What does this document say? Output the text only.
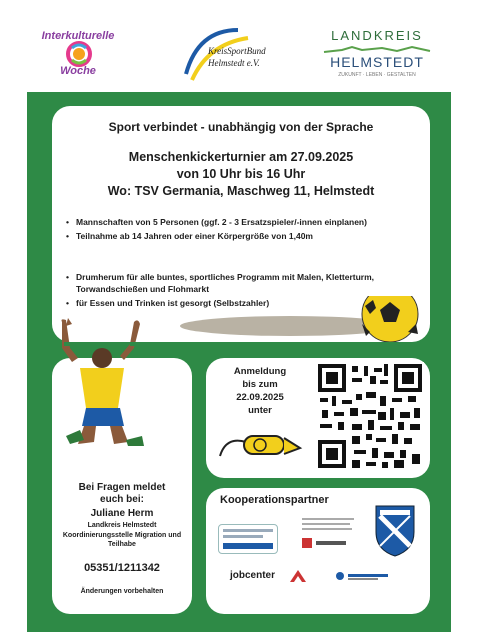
Interkulturelle
Woche
KreisSportBund
Helmstedt e.V.
LANDKREIS
HELMSTEDT
ZUKUNFT · LEBEN · GESTALTEN
Sport verbindet - unabhängig von der Sprache
Menschenkickerturnier am 27.09.2025
von 10 Uhr bis 16 Uhr
Wo: TSV Germania, Maschweg 11, Helmstedt
• Mannschaften von 5 Personen (ggf. 2 - 3 Ersatzspieler/-innen einplanen)
• Teilnahme ab 14 Jahren oder einer Körpergröße von 1,40m
• Drumherum für alle buntes, sportliches Programm mit Malen, Kletterturm, Torwandschießen und Flohmarkt
• für Essen und Trinken ist gesorgt (Selbstzahler)
Bei Fragen meldet
euch bei:
Juliane Herm
Landkreis Helmstedt
Koordinierungsstelle Migration und Teilhabe
05351/1211342
Änderungen vorbehalten
Anmeldung
bis zum
22.09.2025
unter
Kooperationspartner
jobcenter
